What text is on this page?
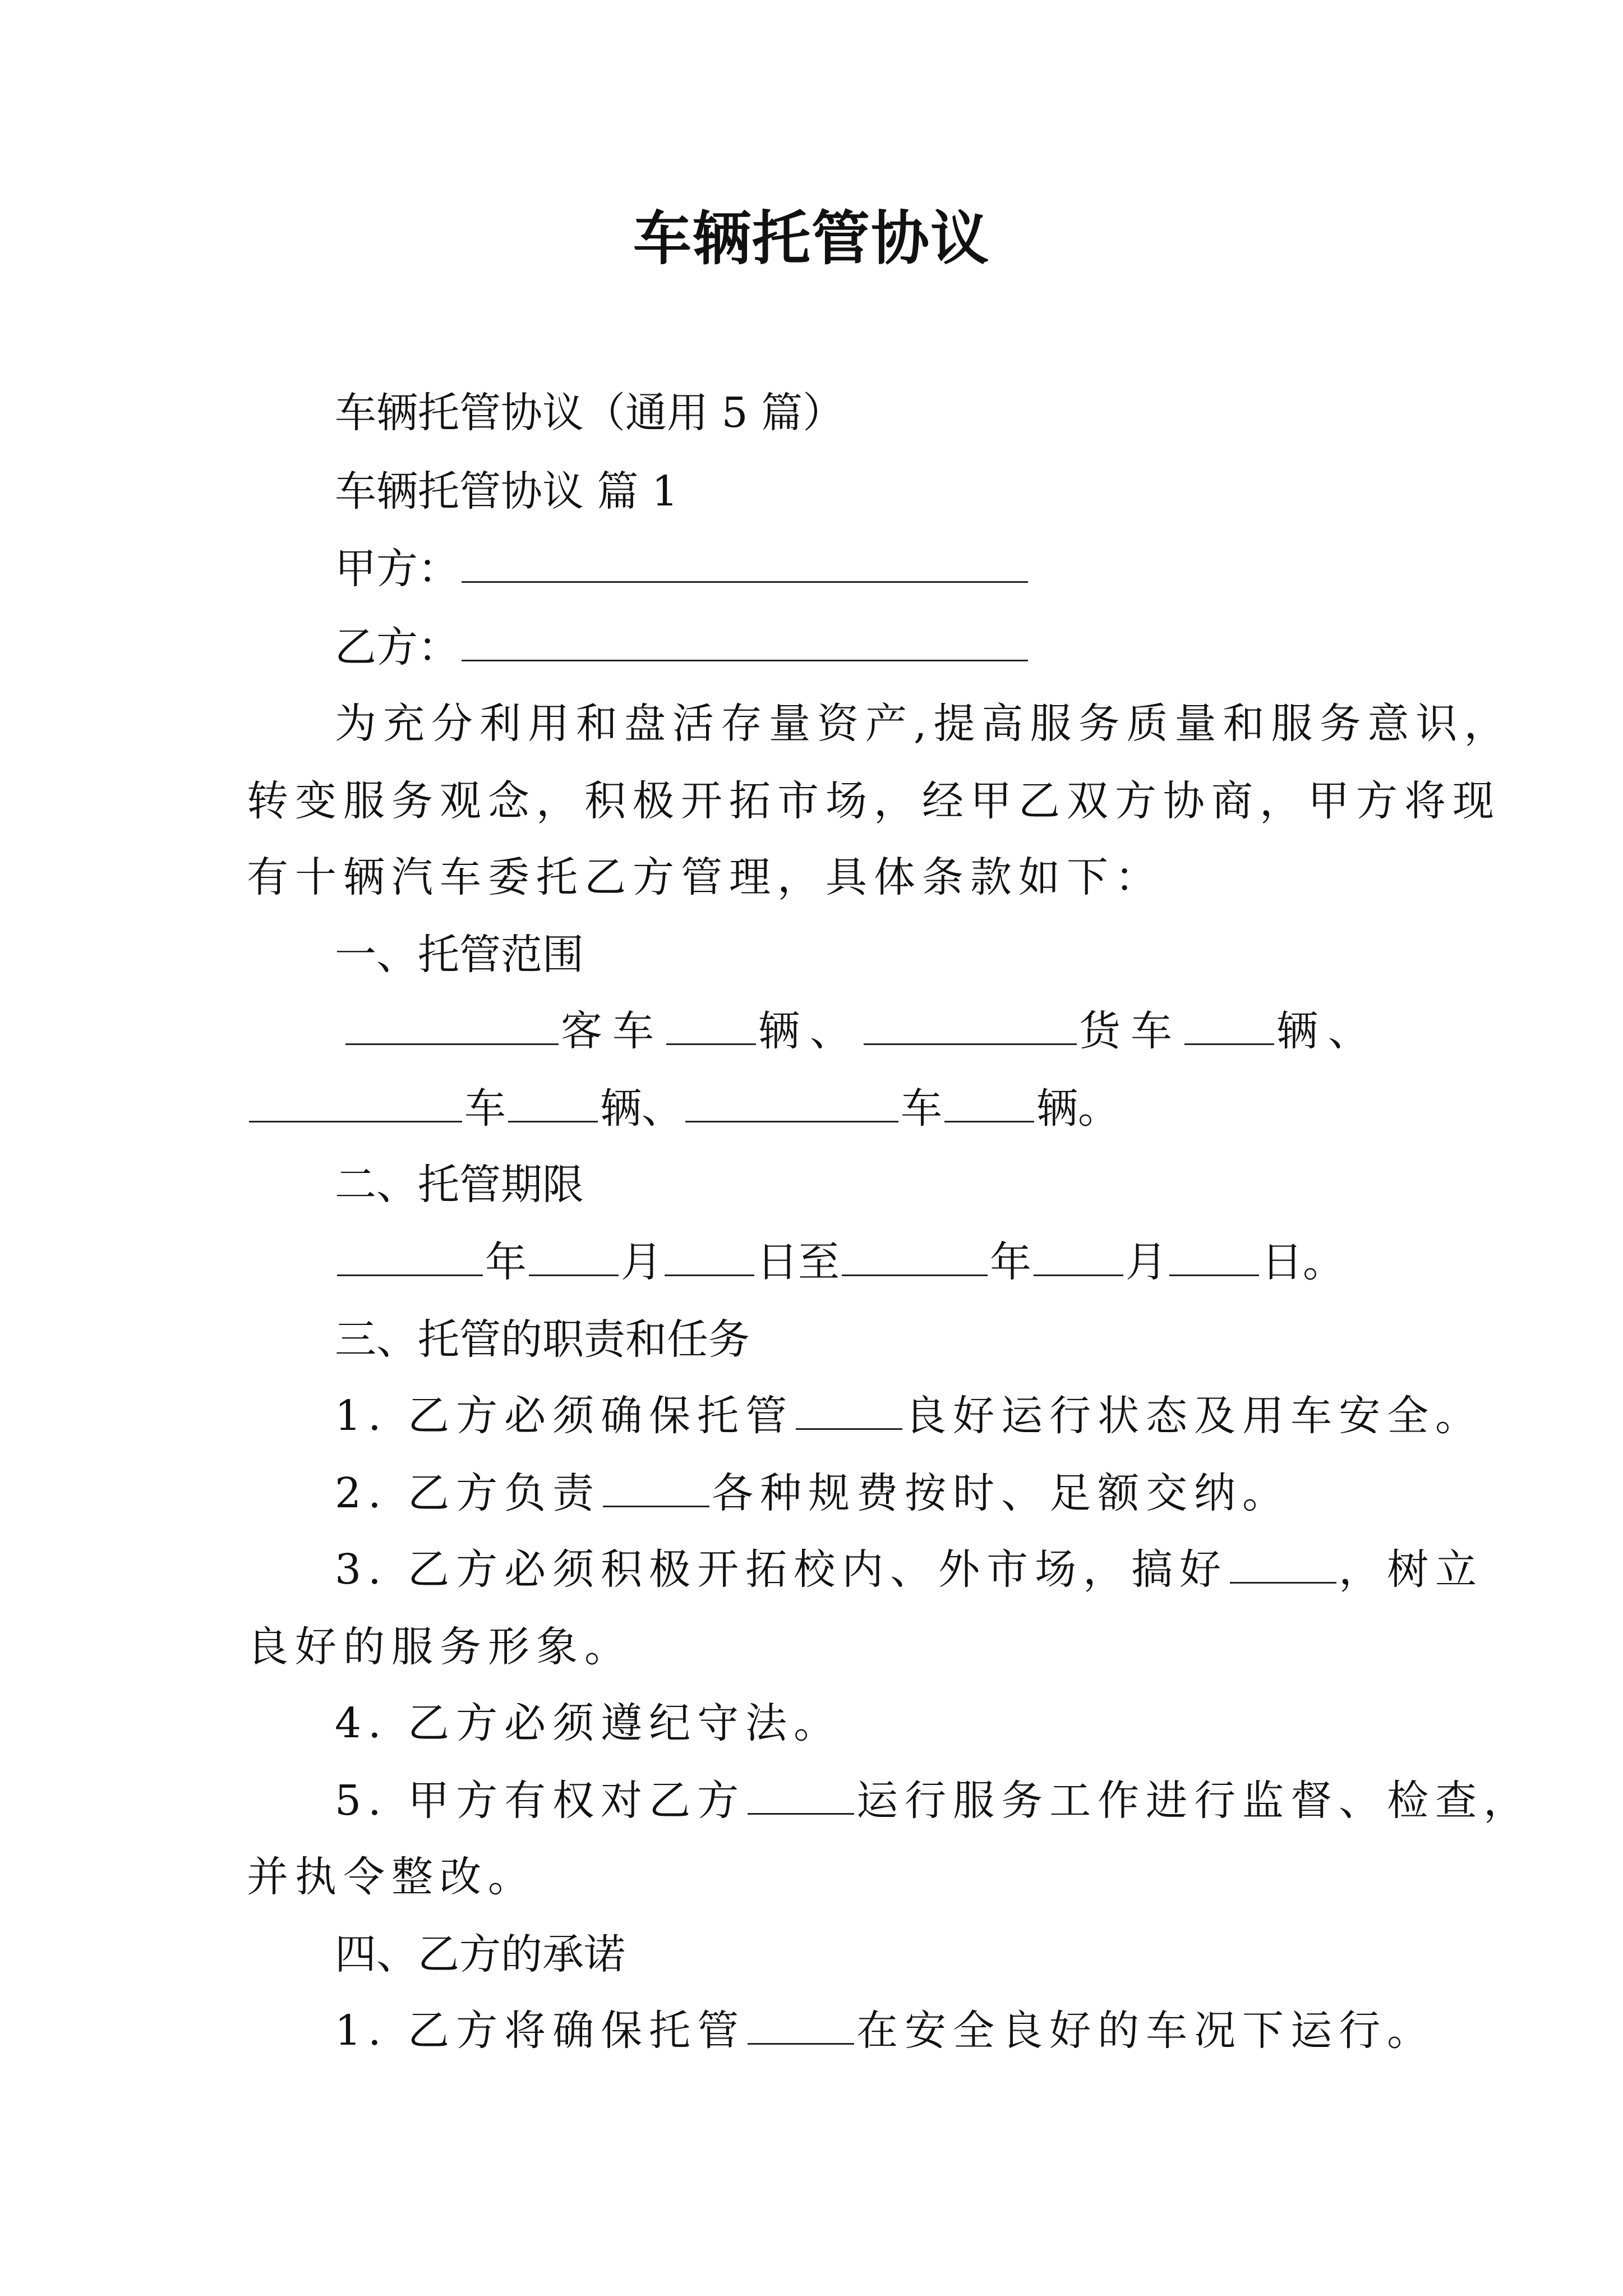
车辆托管协议
车辆托管协议（通用 5 篇）
车辆托管协议 篇 1
甲方：
乙方：
为充分利用和盘活存量资产,提高服务质量和服务意识，
转变服务观念，积极开拓市场，经甲乙双方协商，甲方将现
有十辆汽车委托乙方管理，具体条款如下：
一、托管范围
客车 辆、	货车 辆、
车 辆、	车 辆。
二、托管期限
年 月 日至	年 月 日。
三、托管的职责和任务
1. 乙方必须确保托管	良好运行状态及用车安全。
2. 乙方负责	各种规费按时、足额交纳。
3. 乙方必须积极开拓校内、外市场，搞好	，树立
良好的服务形象。
4. 乙方必须遵纪守法。
5. 甲方有权对乙方	运行服务工作进行监督、检查，
并执令整改。
四、乙方的承诺
1. 乙方将确保托管	在安全良好的车况下运行。
